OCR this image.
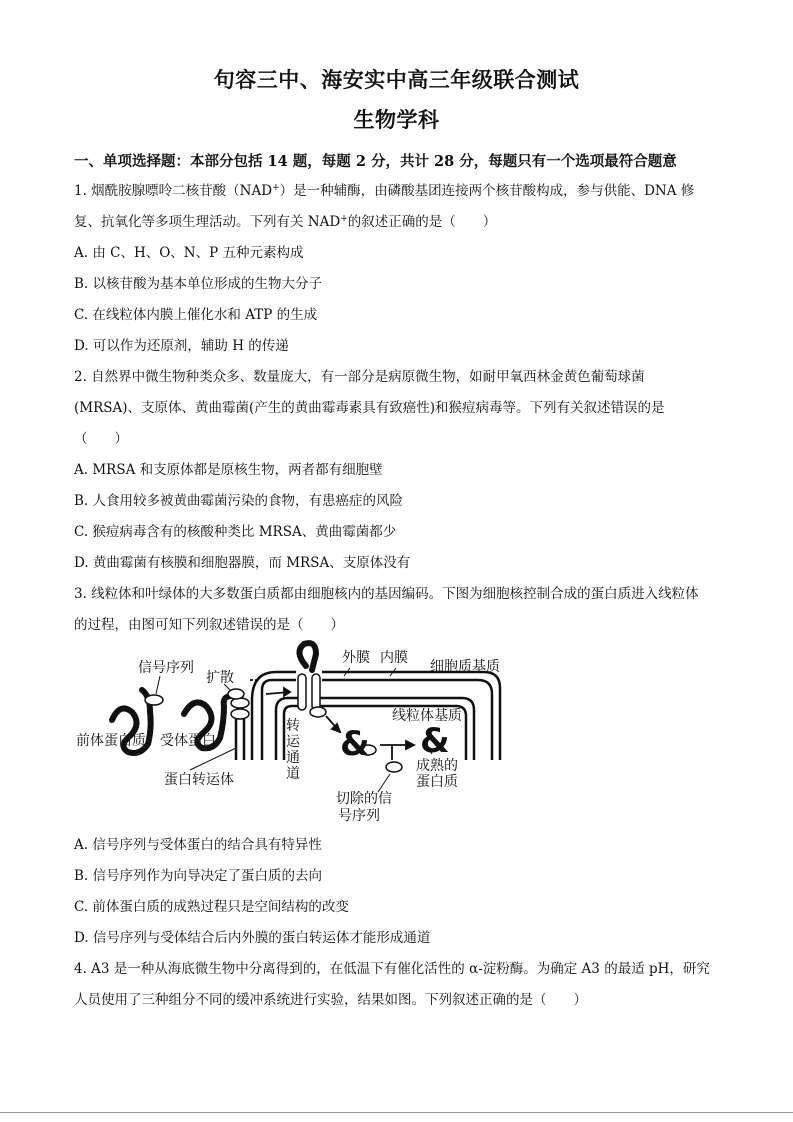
句容三中、海安实中高三年级联合测试
生物学科
一、单项选择题：本部分包括 14 题，每题 2 分，共计 28 分，每题只有一个选项最符合题意
1. 烟酰胺腺嘌呤二核苷酸（NAD+）是一种辅酶，由磷酸基团连接两个核苷酸构成，参与供能、DNA 修
复、抗氧化等多项生理活动。下列有关 NAD+的叙述正确的是（　　）
A. 由 C、H、O、N、P 五种元素构成
B. 以核苷酸为基本单位形成的生物大分子
C. 在线粒体内膜上催化水和 ATP 的生成
D. 可以作为还原剂，辅助 H 的传递
2. 自然界中微生物种类众多、数量庞大，有一部分是病原微生物，如耐甲氧西林金黄色葡萄球菌
(MRSA)、支原体、黄曲霉菌(产生的黄曲霉毒素具有致癌性)和猴痘病毒等。下列有关叙述错误的是
（　　）
A. MRSA 和支原体都是原核生物，两者都有细胞壁
B. 人食用较多被黄曲霉菌污染的食物，有患癌症的风险
C. 猴痘病毒含有的核酸种类比 MRSA、黄曲霉菌都少
D. 黄曲霉菌有核膜和细胞器膜，而 MRSA、支原体没有
3. 线粒体和叶绿体的大多数蛋白质都由细胞核内的基因编码。下图为细胞核控制合成的蛋白质进入线粒体
的过程，由图可知下列叙述错误的是（　　）
& &
信号序列
扩散
外膜 内膜
细胞质基质
线粒体基质
前体蛋白质 受体蛋白
蛋白转运体
转
运
通
道	成熟的
蛋白质
切除的信
号序列
A. 信号序列与受体蛋白的结合具有特异性
B. 信号序列作为向导决定了蛋白质的去向
C. 前体蛋白质的成熟过程只是空间结构的改变
D. 信号序列与受体结合后内外膜的蛋白转运体才能形成通道
4. A3 是一种从海底微生物中分离得到的，在低温下有催化活性的 α-淀粉酶。为确定 A3 的最适 pH，研究
人员使用了三种组分不同的缓冲系统进行实验，结果如图。下列叙述正确的是（　　）
